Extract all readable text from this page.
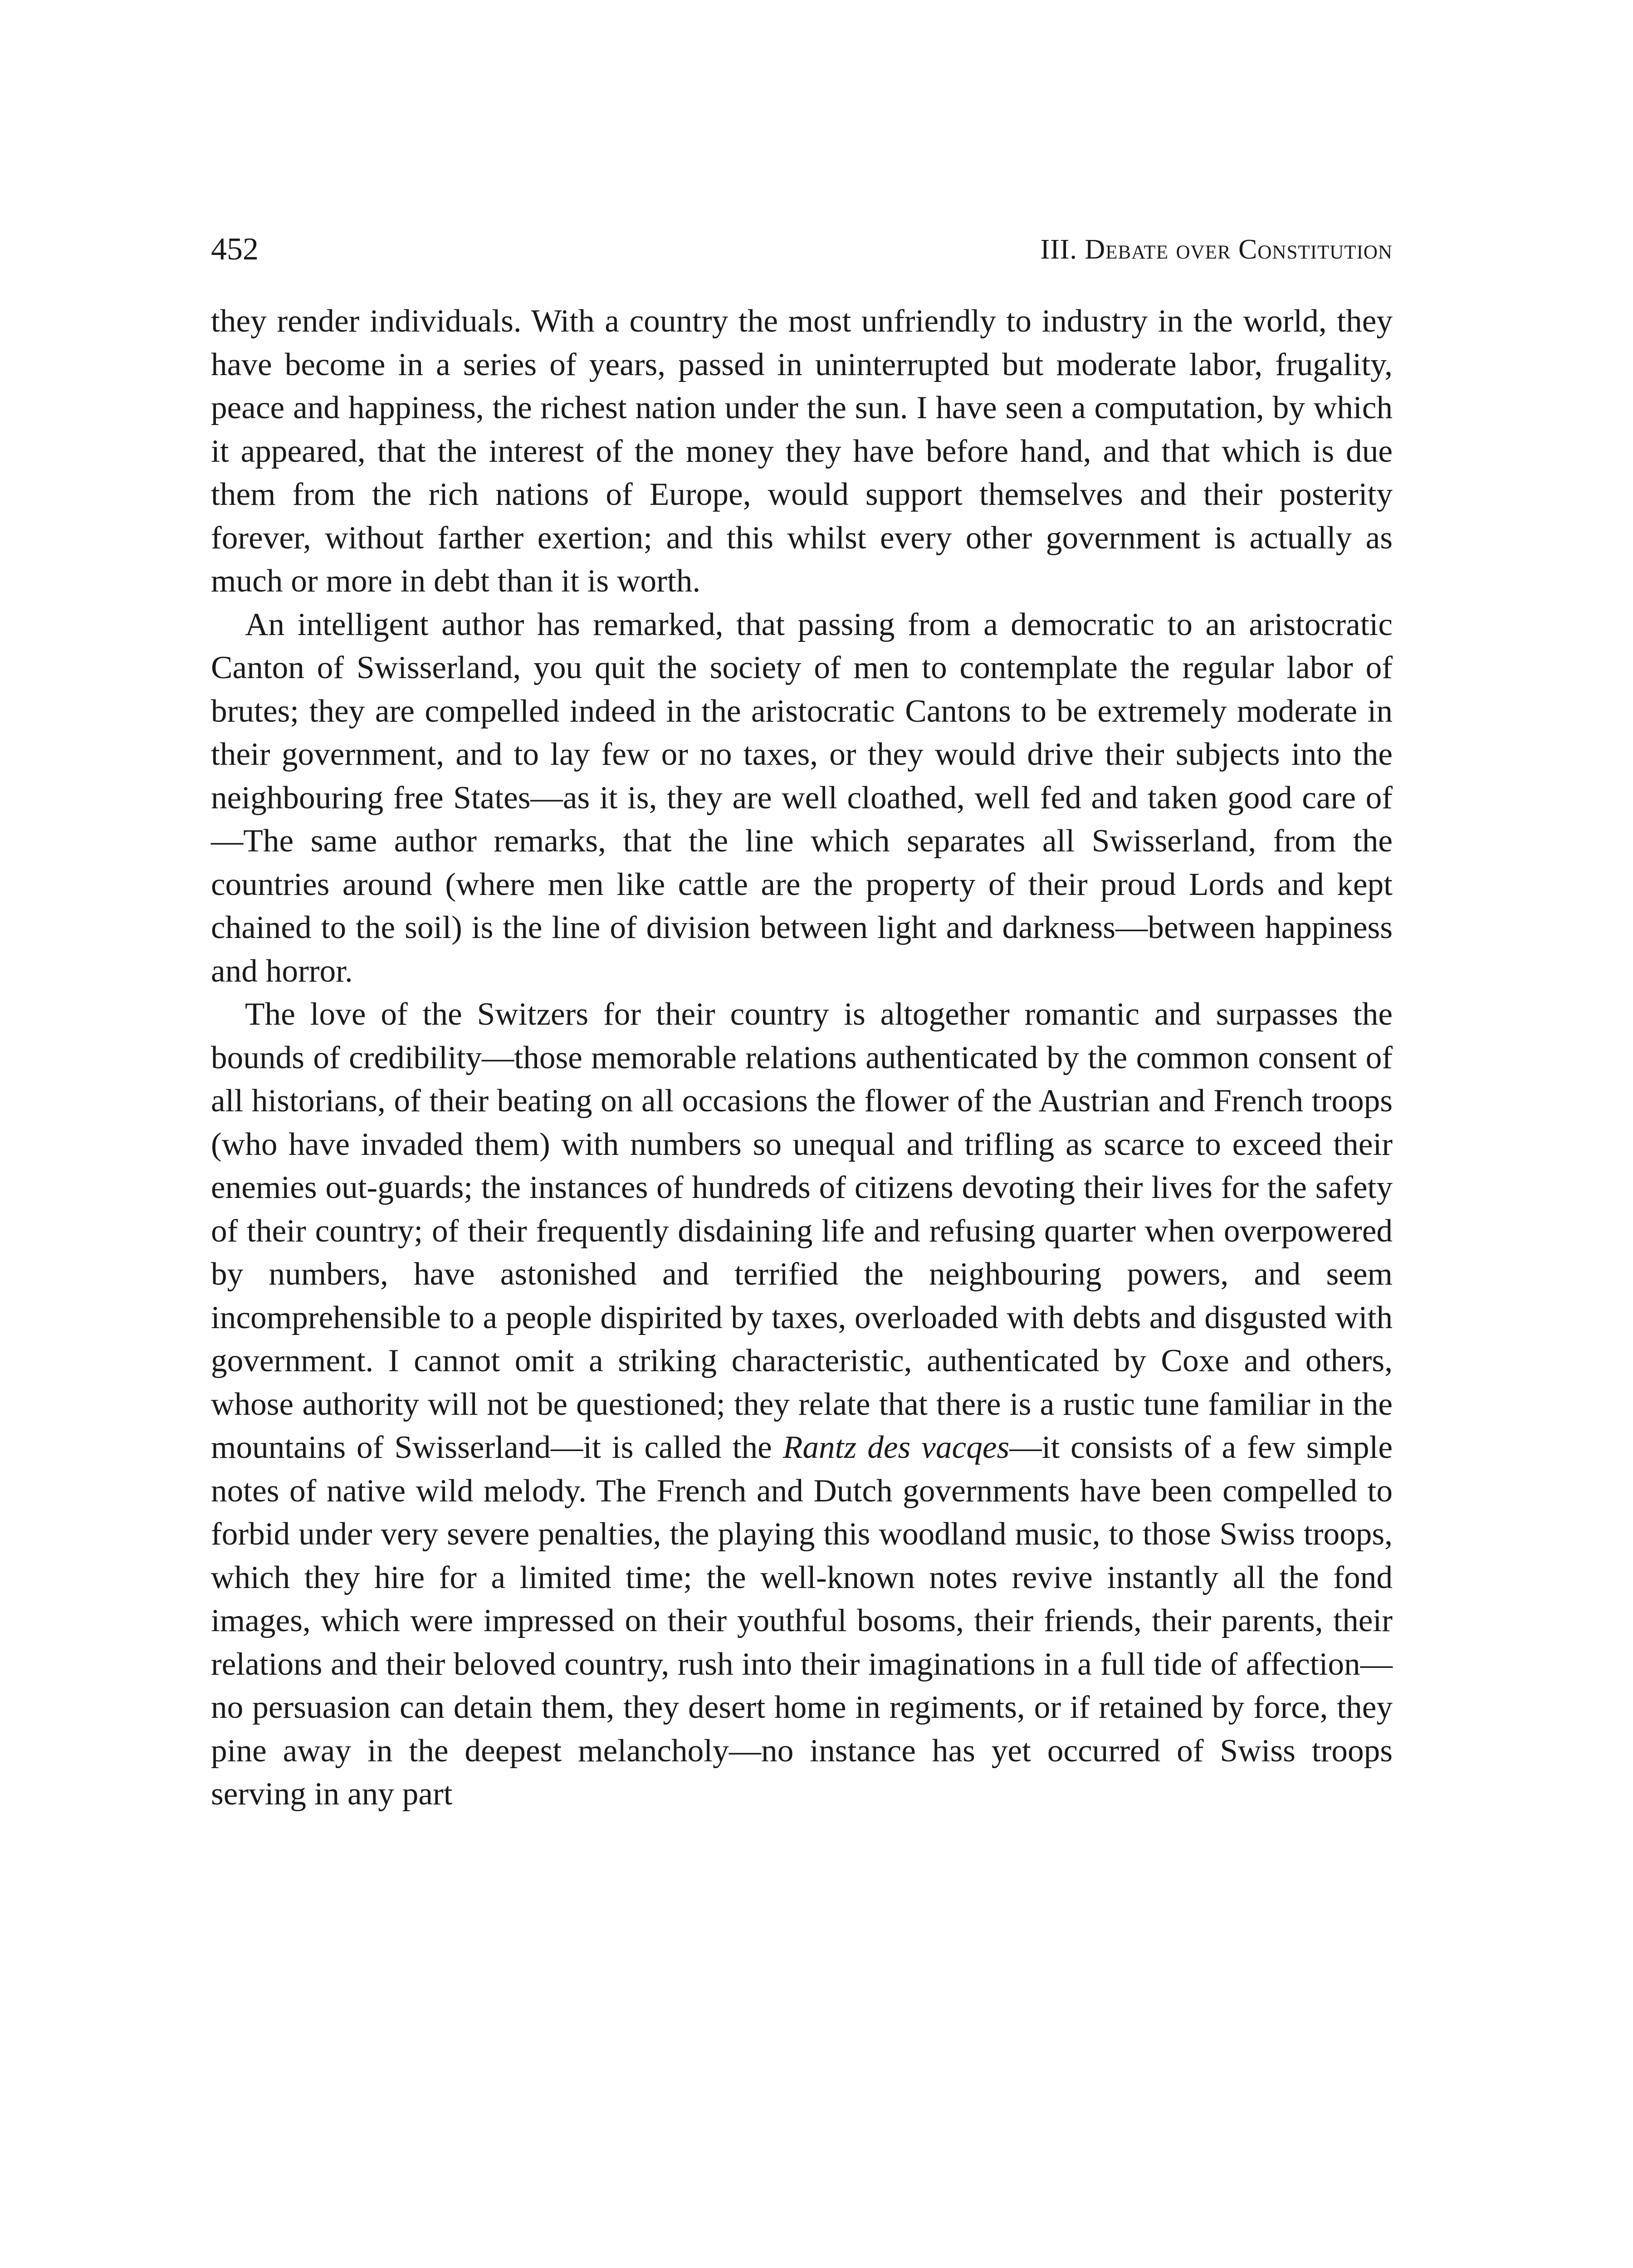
452	III. Debate over Constitution

they render individuals. With a country the most unfriendly to industry in the world, they have become in a series of years, passed in uninterrupted but moderate labor, frugality, peace and happiness, the richest nation under the sun. I have seen a computation, by which it appeared, that the interest of the money they have before hand, and that which is due them from the rich nations of Europe, would support themselves and their posterity forever, without farther exertion; and this whilst every other government is actually as much or more in debt than it is worth.

An intelligent author has remarked, that passing from a democratic to an aristocratic Canton of Swisserland, you quit the society of men to contemplate the regular labor of brutes; they are compelled indeed in the aristocratic Cantons to be extremely moderate in their government, and to lay few or no taxes, or they would drive their subjects into the neighbouring free States—as it is, they are well cloathed, well fed and taken good care of—The same author remarks, that the line which separates all Swisserland, from the countries around (where men like cattle are the property of their proud Lords and kept chained to the soil) is the line of division between light and darkness—between happiness and horror.

The love of the Switzers for their country is altogether romantic and surpasses the bounds of credibility—those memorable relations authenticated by the common consent of all historians, of their beating on all occasions the flower of the Austrian and French troops (who have invaded them) with numbers so unequal and trifling as scarce to exceed their enemies out-guards; the instances of hundreds of citizens devoting their lives for the safety of their country; of their frequently disdaining life and refusing quarter when overpowered by numbers, have astonished and terrified the neighbouring powers, and seem incomprehensible to a people dispirited by taxes, overloaded with debts and disgusted with government. I cannot omit a striking characteristic, authenticated by Coxe and others, whose authority will not be questioned; they relate that there is a rustic tune familiar in the mountains of Swisserland—it is called the Rantz des vacqes—it consists of a few simple notes of native wild melody. The French and Dutch governments have been compelled to forbid under very severe penalties, the playing this woodland music, to those Swiss troops, which they hire for a limited time; the well-known notes revive instantly all the fond images, which were impressed on their youthful bosoms, their friends, their parents, their relations and their beloved country, rush into their imaginations in a full tide of affection—no persuasion can detain them, they desert home in regiments, or if retained by force, they pine away in the deepest melancholy—no instance has yet occurred of Swiss troops serving in any part
